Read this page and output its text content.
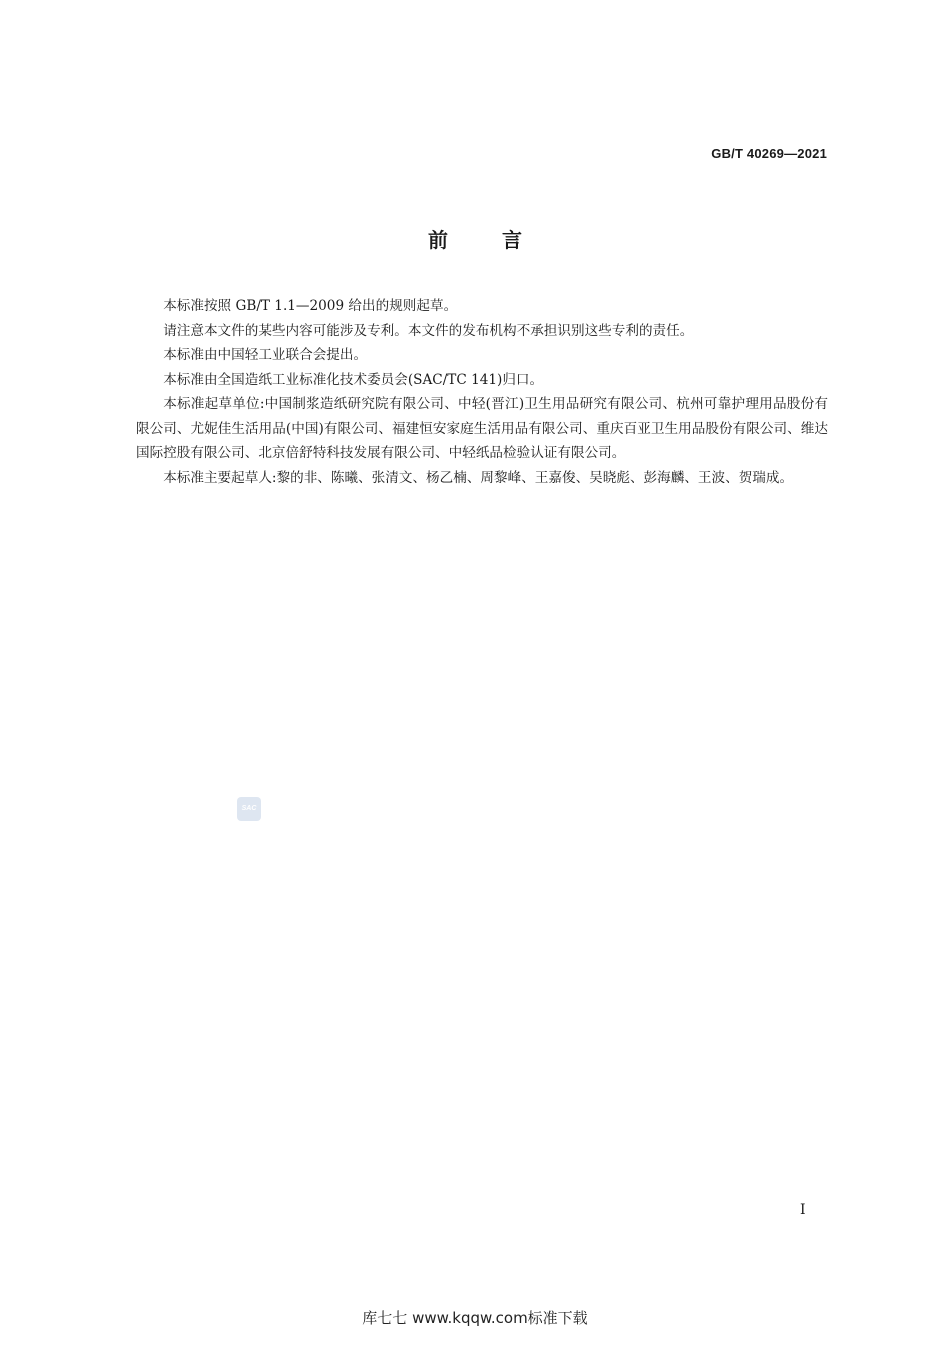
GB/T 40269—2021
前言

本标准按照 GB/T 1.1—2009 给出的规则起草。

请注意本文件的某些内容可能涉及专利。本文件的发布机构不承担识别这些专利的责任。

本标准由中国轻工业联合会提出。

本标准由全国造纸工业标准化技术委员会(SAC/TC 141)归口。

本标准起草单位:中国制浆造纸研究院有限公司、中轻(晋江)卫生用品研究有限公司、杭州可靠护理用品股份有限公司、尤妮佳生活用品(中国)有限公司、福建恒安家庭生活用品有限公司、重庆百亚卫生用品股份有限公司、维达国际控股有限公司、北京倍舒特科技发展有限公司、中轻纸品检验认证有限公司。

本标准主要起草人:黎的非、陈曦、张清文、杨乙楠、周黎峰、王嘉俊、吴晓彪、彭海麟、王波、贺瑞成。

SAC
I
库七七 www.kqqw.com标准下载
